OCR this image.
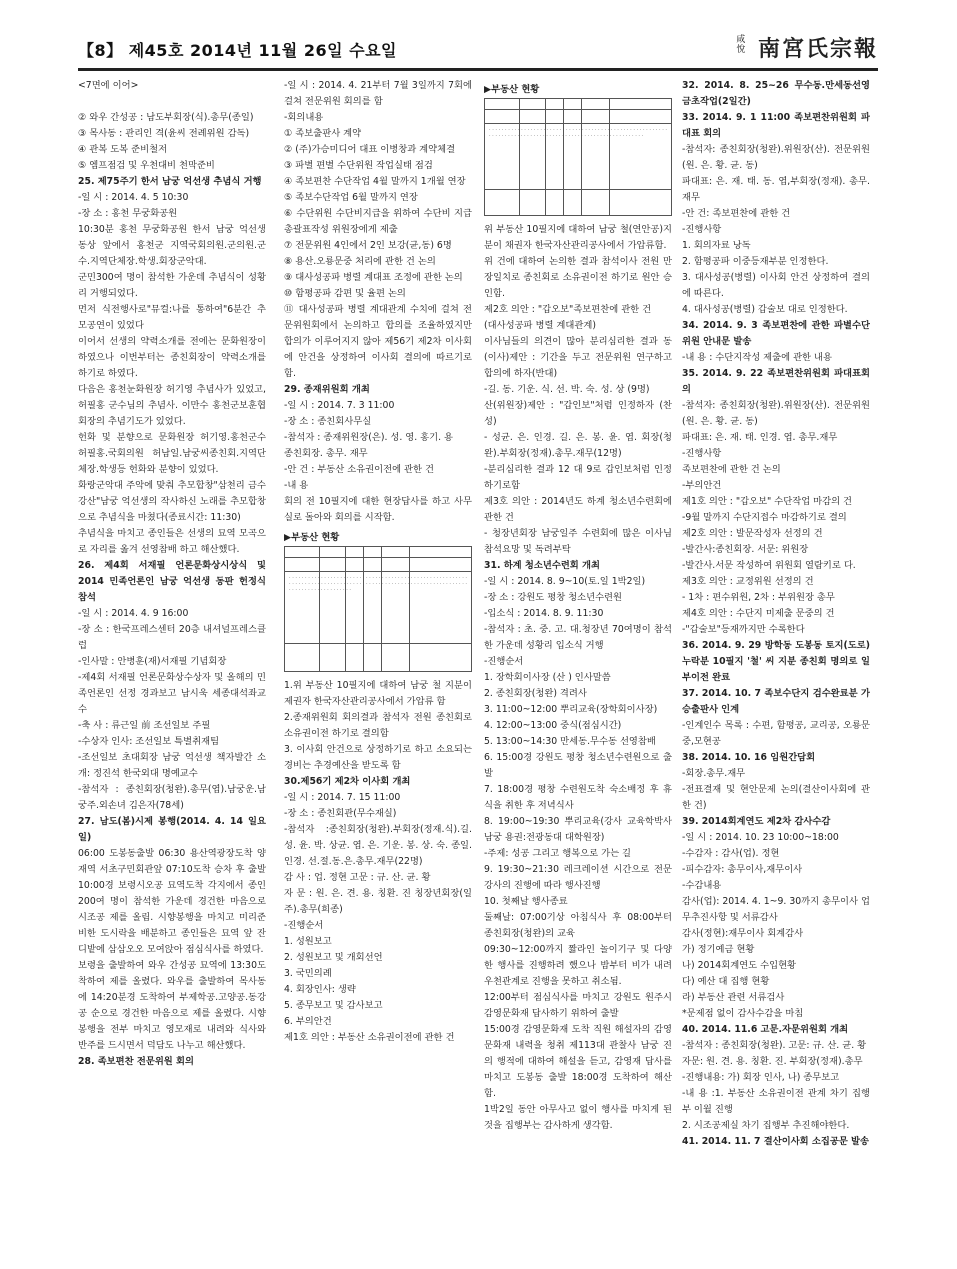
【8】 제45호 2014년 11월 26일 수요일
咸悅 南宮氏宗報

<7면에 이어>

② 와우 간성공 : 남도부회장(식).총무(종일)

③ 목사동 : 관리인 격(윤씨 전례위원 감독)

④ 관복 도복 준비철저

⑤ 엠프점검 및 우천대비 천막준비

25. 제75주기 한서 남궁 억선생 추념식 거행

-일 시 : 2014. 4. 5 10:30

-장 소 : 홍천 무궁화공원

10:30분 홍천 무궁화공원 한서 남궁 억선생 동상 앞에서 홍천군 지역국회의원.군의원.군수.지역단체장.학생.회장군악대.

군민300여 명이 참석한 가운데 추념식이 성황리 거행되었다.

먼저 식전행사로"뮤컬:나를 통하여"6분간 추모공연이 있었다

이어서 선생의 약력소개를 전에는 문화원장이 하였으나 이번부터는 종친회장이 약력소개를 하기로 하였다.

다음은 홍천눈화원장 허기영 추념사가 있었고,허필홍 군수님의 추념사. 이만수 홍천군보훈협회장의 추념기도가 있었다.

헌화 및 분향으로 문화원장 허기영.홍천군수 허필홍.국회의원 허남일.남궁씨종친회.지역단체장.학생등 헌화와 분향이 있었다.

화랑군악대 주악에 맞춰 추모합창"삼천리 금수강산"남궁 억선생의 작사하신 노래를 추모합창으로 추념식을 마쳤다(종료시간: 11:30)

추념식을 마치고 종인들은 선생의 묘역 모곡으로 자리를 옮겨 선영참배 하고 해산했다.

26. 제4회 서재필 언론문화상시상식 및 2014 민족언론인 남궁 억선생 동판 헌정식 참석

-일 시 : 2014. 4. 9 16:00

-장 소 : 한국프레스센터 20층 내셔널프레스클럽

-인사말 : 안병훈(재)서재필 기념회장

-제4회 서재필 언론문화상수상자 및 올해의 민족언론인 선정 경과보고 남시욱 세종대석좌교수

-축 사 : 류근일 前 조선일보 주필

-수상자 인사: 조선일보 특별취재팀

-조선일보 초대회장 남궁 억선생 책자발간 소개: 정진석 한국외대 명예교수

-참석자 : 종친회장(청완).총무(엽).남궁운.남궁주.외손녀 김은자(78세)

27. 남도(봄)시제 봉행(2014. 4. 14 일요일)

06:00 도봉동출발 06:30 용산역광장도착 양재역 서초구민회관앞 07:10도착 승차 후 출발 10:00경 보령시오공 묘역도착 각지에서 종인 200여 명이 참석한 가운데 경건한 마음으로 시조공 제를 올림. 시향봉행을 마치고 미리준비한 도시락을 배분하고 종인들은 묘역 앞 잔디밭에 삼삼오오 모여앉아 점심식사를 하였다.

보령을 출발하여 와우 간성공 묘역에 13:30도착하여 제를 올렸다. 와우를 출발하여 목사동에 14:20분경 도착하여 부제학공.고양공.동강공 순으로 경건한 마음으로 제를 올렸다. 시향봉행을 전부 마치고 영모재로 내려와 식사와 반주를 드시면서 덕담도 나누고 해산했다.

28. 족보편찬 전문위원 회의

-일 시 : 2014. 4. 21부터 7월 3일까지 7회에 걸쳐 전문위원 회의를 함

-회의내용

① 족보출판사 계약

② (주)가승미디어 대표 이병창과 계약체결

③ 파별 편별 수단위원 작업실태 점검

④ 족보편찬 수단작업 4월 말까지 1개월 연장

⑤ 족보수단작업 6월 말까지 연장

⑥ 수단위원 수단비지급을 위하여 수단비 지급 총괄표작성 위원장에게 제출

⑦ 전문위원 4인에서 2인 보강(균,동) 6명

⑧ 용산.오룡문중 처리에 관한 건 논의

⑨ 대사성공파 병렬 계대표 조정에 관한 논의

⑩ 함평공파 감편 및 율편 논의

⑪ 대사성공파 병렬 계대관계 수치에 걸쳐 전문위원회에서 논의하고 합의를 조율하였지만 합의가 이루어지지 않아 제56기 제2차 이사회에 안건을 상정하여 이사회 결의에 따르기로 함.

29. 종재위원회 개최

-일 시 : 2014. 7. 3 11:00

-장 소 : 종친회사무실

-참석자 : 종재위원장(은). 성. 영. 홍기. 용

종친회장. 총무. 재무

-안 건 : 부동산 소유권이전에 관한 건

-내 용

회의 전 10필지에 대한 현장답사를 하고 사무실로 돌아와 회의를 시작함.

▶부동산 현황

· · · · · · · · · · · · · · · · · · · · · · · · · · · · · · · · · · · · · · · · · · · · · · · · · · · · · · · · · · · · · · · · · · · · · · · · · · · · · · · · · · · · · · · · · · · · · · · · · · · · · · · · · · · · · · · · · · · · · · · · · · · · · · · · · · · ·

1.위 부동산 10필지에 대하여 남궁 철 지분이 제권자 한국자산관리공사에서 가압류 함

2.종재위원회 회의결과 참석자 전원 종친회로 소유권이전 하기로 결의함

3. 이사회 안건으로 상정하기로 하고 소요되는 경비는 추경예산을 받도록 함

30.제56기 제2차 이사회 개최

-일 시 : 2014. 7. 15 11:00

-장 소 : 종친회관(무수재실)

-참석자 :종친회장(청완).부회장(정재.식).길. 성. 윤. 박. 상균. 엽. 은. 기운. 봉. 상. 숙. 종일. 인경. 선.절.동.은.총무.재무(22명)

감 사 : 업. 정현 고문 : 규. 산. 균. 황

자 문 : 원. 은. 견. 용. 칭환. 진 칭장년회장(일주).총무(희종)

-진행순서

1. 성원보고

2. 성원보고 및 개회선언

3. 국민의례

4. 회장인사: 생략

5. 종무보고 및 감사보고

6. 부의안건

제1호 의안 : 부동산 소유권이전에 관한 건

▶부동산 현황

· · · · · · · · · · · · · · · · · · · · · · · · · · · · · · · · · · · · · · · · · · · · · · · · · · · · · · · · · · · · · · · · · · · · · · · · · · · · · · · · · · · · · · · · · · · · · · · · · · · · · · · · ·

위 부동산 10필지에 대하여 남궁 철(연안공)지분이 채권자 한국자산관리공사에서 가압류함.

위 건에 대하여 논의한 결과 참석이사 전원 만장일치로 종친회로 소유권이전 하기로 원안 승인함.

제2호 의안 : "갑오보"족보편찬에 관한 건

(대사성공파 병렬 계대관계)

이사님들의 의견이 많아 분리심리한 결과 동(이사)제안 : 기간을 두고 전문위원 연구하고 합의에 하자(반대)

-길. 동. 기운. 식. 선. 박. 숙. 성. 상 (9명)

산(위원장)제안 : "갑인보"처럼 인정하자 (찬성)

- 성균. 은. 인경. 길. 은. 봉. 윤. 엽. 회장(청완).부회장(정재).총무.재무(12명)

-분리심리한 결과 12 대 9로 갑인보처럼 인정하기로함

제3호 의안 : 2014년도 하계 청소년수련회에 관한 건

- 청장년회장 남궁일주 수련회에 많은 이사님 참석요망 및 독려부탁

31. 하계 청소년수련회 개최

-일 시 : 2014. 8. 9~10(토.일 1박2일)

-장 소 : 강원도 평창 청소년수련원

-입소식 : 2014. 8. 9. 11:30

-참석자 : 초. 중. 고. 대.청장년 70여명이 참석한 가운데 성황리 입소식 거행

-진행순서

1. 장학회이사장 (산 ) 인사말씀

2. 종친회장(청완) 격려사

3. 11:00~12:00 뿌리교육(장학회이사장)

4. 12:00~13:00 중식(점심시간)

5. 13:00~14:30 만세동.무수동 선영참배

6. 15:00경 강원도 평창 청소년수련원으로 출발

7. 18:00경 평창 수련원도착 숙소배정 후 휴식을 취한 후 저녁식사

8. 19:00~19:30 뿌리교육(강사 교육학박사 남궁 용권:전광동대 대학원장)

-주제: 성공 그리고 행복으로 가는 길

9. 19:30~21:30 레크레이션 시간으로 전문강사의 진행에 따라 행사진행

10. 첫째날 행사종료

둘째날: 07:00기상 아침식사 후 08:00부터 종친회장(청완)의 교육

09:30~12:00까지 짧라인 놀이기구 및 다양한 행사를 진행하려 했으나 밤부터 비가 내려 우천관계로 진행을 못하고 취소됨.

12:00부터 점심식사를 마치고 강원도 원주시 감영문화재 답사하기 위하여 출발

15:00경 감영문화재 도착 직원 해설자의 감영문화재 내력을 청취 제113대 관찰사 남궁 진의 행적에 대하여 해설을 듣고, 감영재 답사를 마치고 도봉동 출발 18:00경 도착하여 해산함.

1박2일 동안 아무사고 없이 행사를 마치게 된 것을 집행부는 감사하게 생각함.

32. 2014. 8. 25~26 무수동.만세동선영 금초작업(2일간)

33. 2014. 9. 1 11:00 족보편찬위원회 파대표 회의

-참석자: 종친회장(청완).위원장(산). 전문위원(원. 은. 황. 균. 동)

파대표: 은. 재. 태. 동. 엽,부회장(정재). 총무. 재무

-안 건: 족보편찬에 관한 건

-진행사항

1. 회의자료 낭독

2. 함평공파 이중등재부분 인정한다.

3. 대사성공(병렬) 이사회 안건 상정하여 결의에 따른다.

4. 대사성공(병렬) 갑술보 대로 인정한다.

34. 2014. 9. 3 족보편찬에 관한 파별수단위원 안내문 발송

-내 용 : 수단지작성 제출에 관한 내용

35. 2014. 9. 22 족보편찬위원회 파대표회의

-참석자: 종친회장(청완).위원장(산). 전문위원 (원. 은. 황. 균. 동)

파대표: 은. 재. 태. 인경. 엽. 총무.재무

-진행사항

족보편찬에 관한 건 논의

-부의안건

제1호 의안 : "갑오보" 수단작업 마감의 건

-9월 말까지 수단지접수 마감하기로 결의

제2호 의안 : 발문작성자 선정의 건

-발간사:종친회장. 서문: 위원장

-발간사.서문 작성하여 위원회 열람키로 다.

제3호 의안 : 교정위원 선정의 건

- 1차 : 편수위원, 2차 : 부위원장 총무

제4호 의안 : 수단지 미제출 문중의 건

-"갑술보"등재까지만 수록한다

36. 2014. 9. 29 방학동 도봉동 토지(도로) 누락분 10필지 '철' 씨 지분 종친회 명의로 일부이전 완료

37. 2014. 10. 7 족보수단지 검수완료분 가승출판사 인계

-인계인수 목록 : 수편, 함평공, 교리공, 오룡문중,모현공

38. 2014. 10. 16 임원간담회

-회장.총무.재무

-전표결재 및 현안문제 논의(결산이사회에 관한 건)

39. 2014회계연도 제2차 감사수감

-일 시 : 2014. 10. 23 10:00~18:00

-수감자 : 감사(업). 정현

-피수감자: 총무이사,재무이사

-수감내용

감사(업): 2014. 4. 1~9. 30까지 총무이사 업무추진사항 및 서류감사

감사(정현):재무이사 회계감사

가) 정기예금 현황

나) 2014회계연도 수입현황

다) 예산 대 집행 현황

라) 부동산 관련 서류검사

*문제점 없이 감사수감을 마침

40. 2014. 11.6 고문.자문위원회 개최

-참석자 : 종친회장(청완). 고문: 규. 산. 균. 황

자문: 원. 견. 용. 칭환. 진. 부회장(정재).총무

-진행내용: 가) 회장 인사, 나) 종무보고

-내 용 :1. 부동산 소유권이전 관계 차기 집행부 이월 진행

2. 시조공제실 차기 집행부 추진해야한다.

41. 2014. 11. 7 결산이사회 소집공문 발송
